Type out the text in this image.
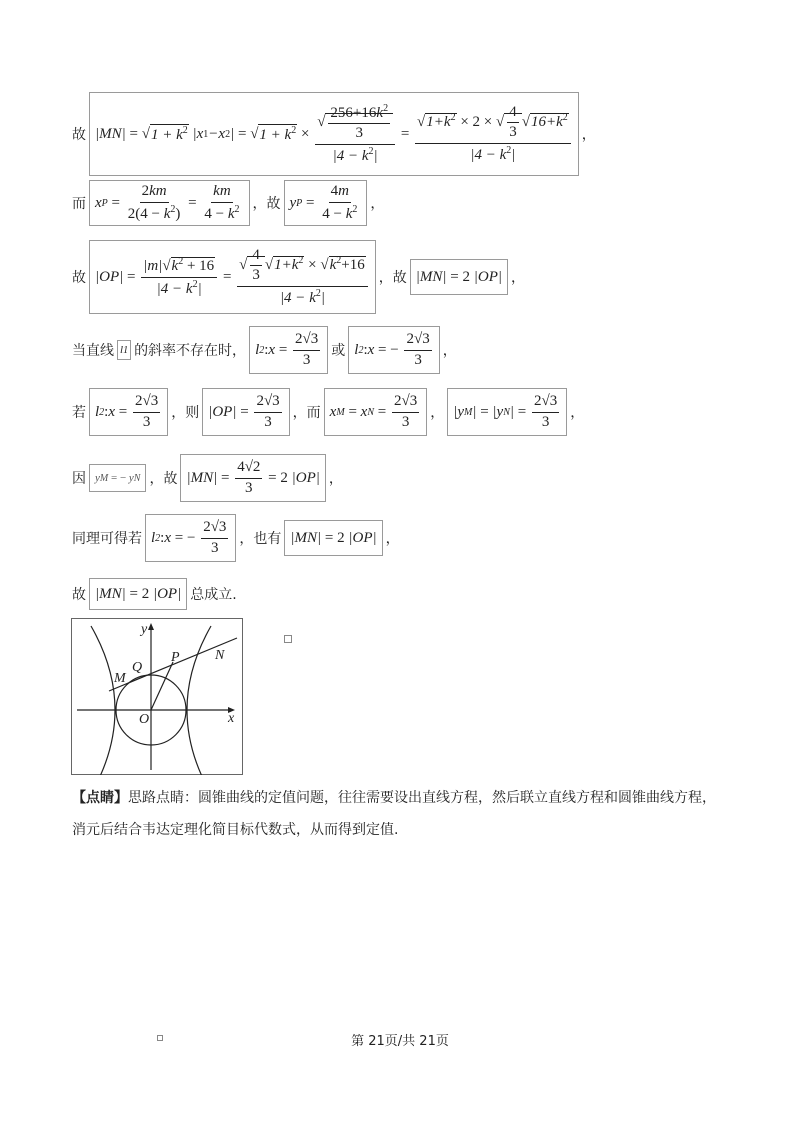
故 |MN| = √ $1 + k^2$ | x 1 − x 2 | = √ $1 + k^2 \times \frac{√ \frac{256+16k^2}{3}}{|4 - k^2|} = \frac{√1+k^2 \times 2 \times √ \frac{4}{3} √16+k^2}{|4 - k^2|}$ ，
而 x $P = \frac{2km}{2(4 - k^2)} = \frac{km}{4 - k^2}$ ，故 y $P = \frac{4m}{4 - k^2}$ ，
故 $|OP| = \frac{|m|√k^2 + 16}{|4 - k^2|} = \frac{√ \frac{4}{3} √1+k^2 \times √k^2+16}{|4 - k^2|}$ ，故 |MN| = 2 |OP| ，
当直线 l 1 的斜率不存在时， l 2 : $x = \frac{2√3}{3}$ 或 l 2 : x = − $\frac{2√3}{3}$ ，
若 l 2 : $x = \frac{2√3}{3}$ ，则 $|OP| = \frac{2√3}{3}$ ，而 x M = x $N = \frac{2√3}{3}$ ， |y M | = |y N | = $\frac{2√3}{3}$ ，
因 y M
= − y N ，故 $|MN| = \frac{4√2}{3} = 2$ |OP| ，
同理可得若 l 2 : x = − $\frac{2√3}{3}$ ，也有 |MN| = 2 |OP| ，
故 |MN| = 2 |OP| 总成立.
y
x
O
M
Q
P	N
【点睛】思路点睛：圆锥曲线的定值问题，往往需要设出直线方程，然后联立直线方程和圆锥曲线方程，
消元后结合韦达定理化简目标代数式，从而得到定值.
第 21页/共 21页
